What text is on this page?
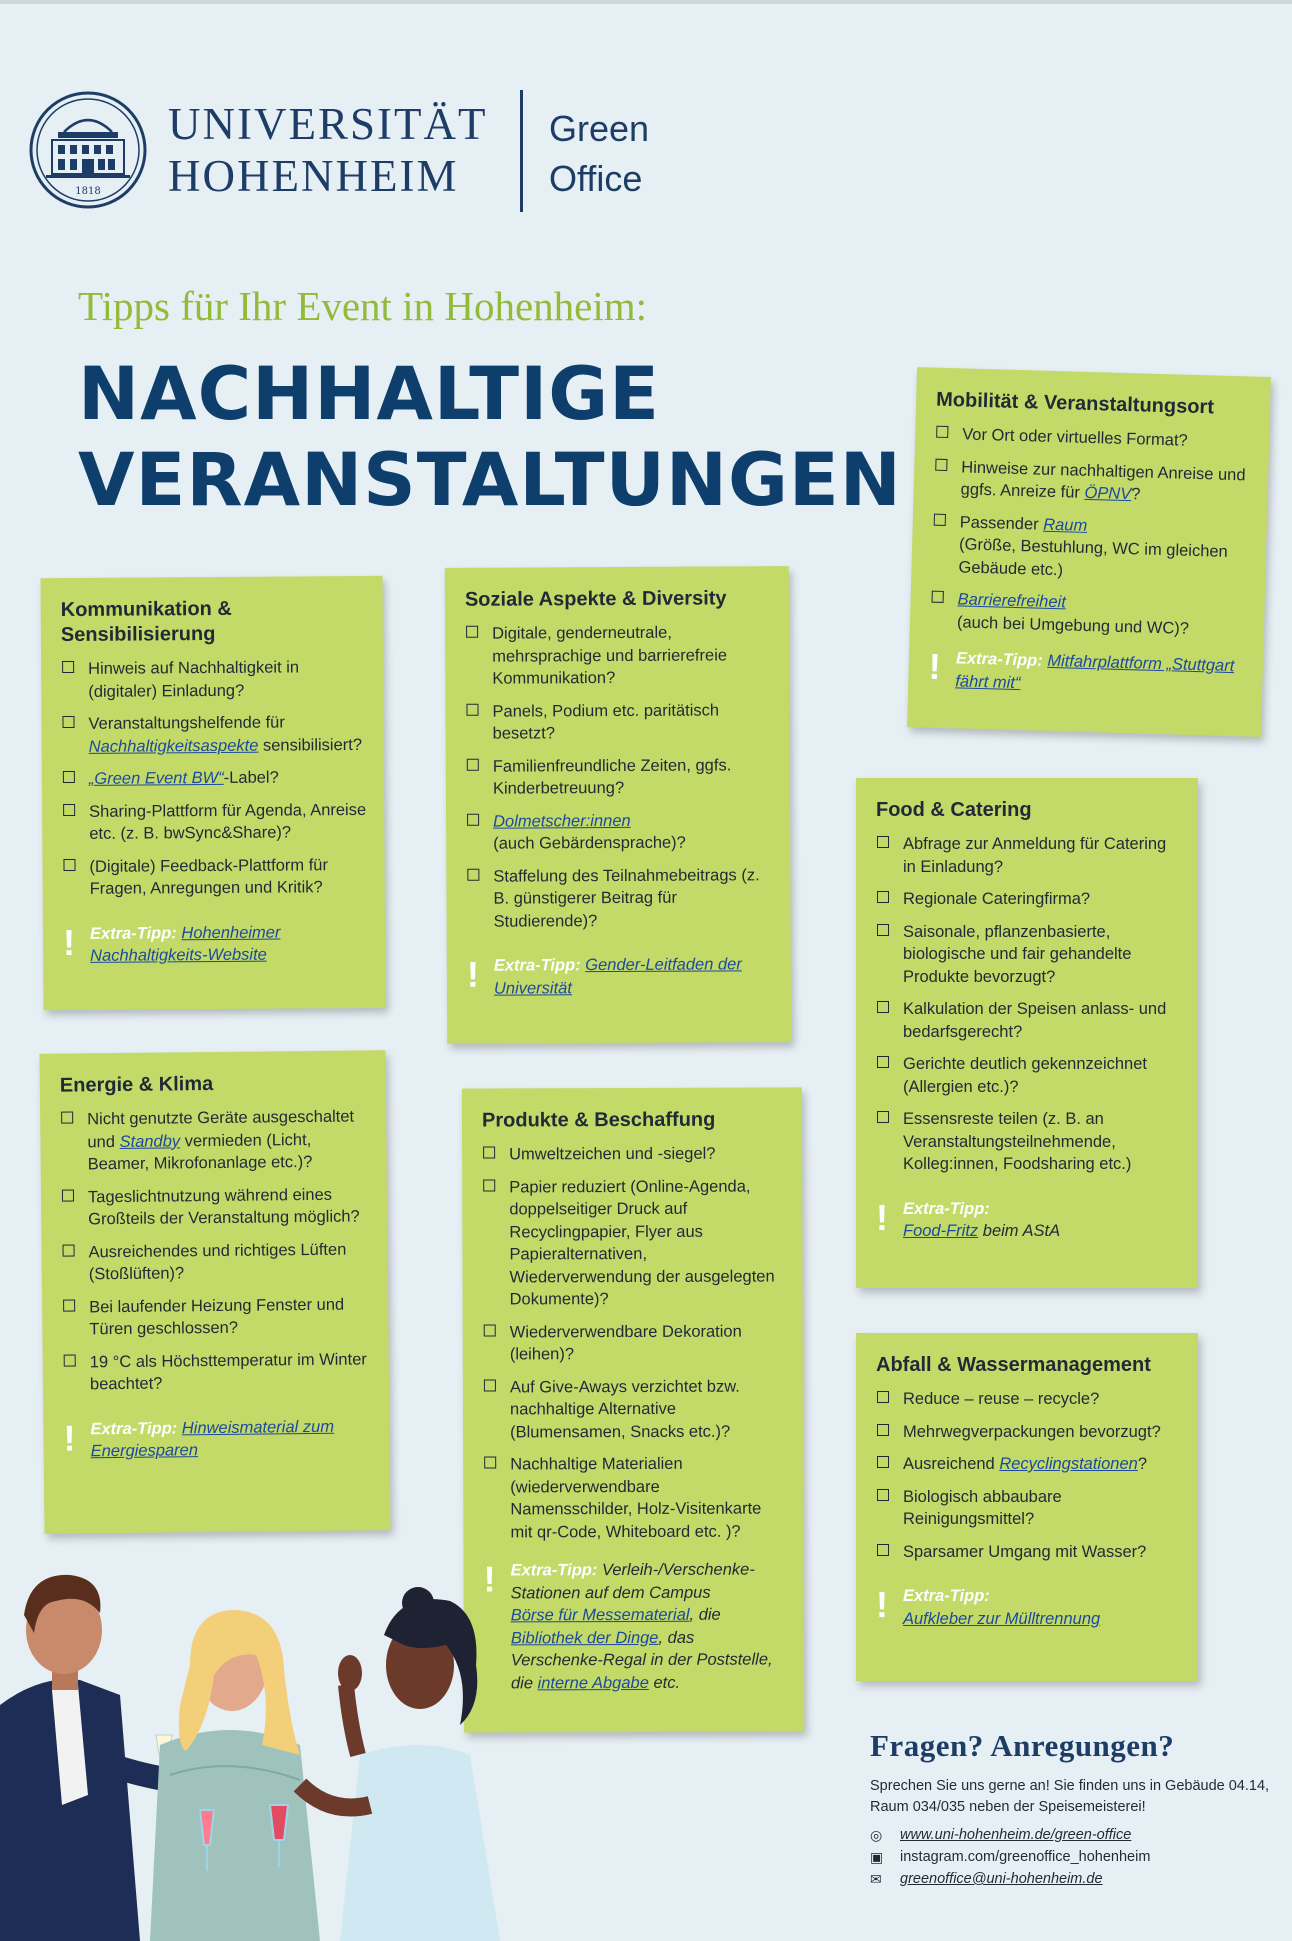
1818
UNIVERSITÄT
HOHENHEIM
Green
Office
Tipps für Ihr Event in Hohenheim:
NACHHALTIGE
VERANSTALTUNGEN
Kommunikation & Sensibilisierung
Hinweis auf Nachhaltigkeit in (digitaler) Einladung?
Veranstaltungshelfende für Nachhaltigkeitsaspekte sensibilisiert?
„Green Event BW“-Label?
Sharing-Plattform für Agenda, Anreise etc. (z. B. bwSync&Share)?
(Digitale) Feedback-Plattform für Fragen, Anregungen und Kritik?
! Extra-Tipp: Hohenheimer Nachhaltigkeits-Website
Soziale Aspekte & Diversity
Digitale, genderneutrale, mehrsprachige und barrierefreie Kommunikation?
Panels, Podium etc. paritätisch besetzt?
Familienfreundliche Zeiten, ggfs. Kinderbetreuung?
Dolmetscher:innen
(auch Gebärdensprache)?
Staffelung des Teilnahmebeitrags (z. B. günstigerer Beitrag für Studierende)?
! Extra-Tipp: Gender-Leitfaden der Universität
Mobilität & Veranstaltungsort
Vor Ort oder virtuelles Format?
Hinweise zur nachhaltigen Anreise und ggfs. Anreize für ÖPNV?
Passender Raum
(Größe, Bestuhlung, WC im gleichen Gebäude etc.)
Barrierefreiheit
(auch bei Umgebung und WC)?
! Extra-Tipp: Mitfahrplattform „Stuttgart fährt mit“
Energie & Klima
Nicht genutzte Geräte ausgeschaltet und Standby vermieden (Licht, Beamer, Mikrofonanlage etc.)?
Tageslichtnutzung während eines Großteils der Veranstaltung möglich?
Ausreichendes und richtiges Lüften (Stoßlüften)?
Bei laufender Heizung Fenster und Türen geschlossen?
19 °C als Höchsttemperatur im Winter beachtet?
! Extra-Tipp: Hinweismaterial zum Energiesparen
Produkte & Beschaffung
Umweltzeichen und -siegel?
Papier reduziert (Online-Agenda, doppelseitiger Druck auf Recyclingpapier, Flyer aus Papieralternativen, Wiederverwendung der ausgelegten Dokumente)?
Wiederverwendbare Dekoration (leihen)?
Auf Give-Aways verzichtet bzw. nachhaltige Alternative (Blumensamen, Snacks etc.)?
Nachhaltige Materialien (wiederverwendbare Namensschilder, Holz-Visitenkarte mit qr-Code, Whiteboard etc. )?
! Extra-Tipp: Verleih-/Verschenke-Stationen auf dem Campus
Börse für Messematerial, die Bibliothek der Dinge, das Verschenke-Regal in der Poststelle, die interne Abgabe etc.
Food & Catering
Abfrage zur Anmeldung für Catering in Einladung?
Regionale Cateringfirma?
Saisonale, pflanzenbasierte, biologische und fair gehandelte Produkte bevorzugt?
Kalkulation der Speisen anlass- und bedarfsgerecht?
Gerichte deutlich gekennzeichnet (Allergien etc.)?
Essensreste teilen (z. B. an Veranstaltungsteilnehmende, Kolleg:innen, Foodsharing etc.)
! Extra-Tipp:
Food-Fritz beim AStA
Abfall & Wassermanagement
Reduce – reuse – recycle?
Mehrwegverpackungen bevorzugt?
Ausreichend Recyclingstationen?
Biologisch abbaubare Reinigungsmittel?
Sparsamer Umgang mit Wasser?
! Extra-Tipp:
Aufkleber zur Mülltrennung
Fragen? Anregungen?

Sprechen Sie uns gerne an! Sie finden uns in Gebäude 04.14, Raum 034/035 neben der Speisemeisterei!

◎	www.uni-hohenheim.de/green-office
▣	instagram.com/greenoffice_hohenheim
✉	greenoffice@uni-hohenheim.de
